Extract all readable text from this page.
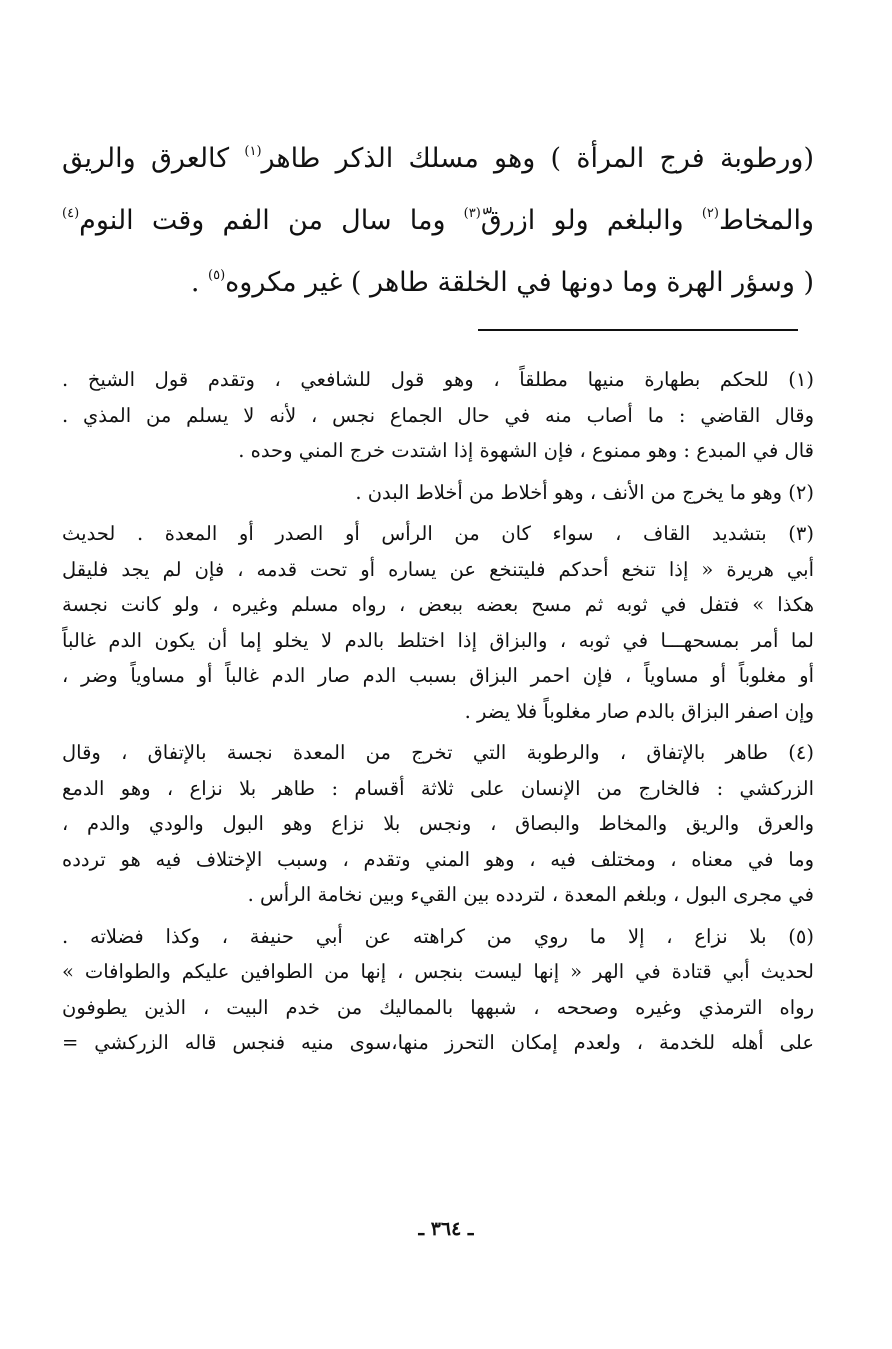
(ورطوبة فرج المرأة ) وهو مسلك الذكر طاهر$^{(١)}$ كالعرق والريق
والمخاط$^{(٢)}$ والبلغم ولو ازرقّ$^{(٣)}$ وما سال من الفم وقت النوم$^{(٤)}$
( وسؤر الهرة وما دونها في الخلقة طاهر ) غير مكروه$^{(٥)}$ .
(١) للحكم بطهارة منيها مطلقاً ، وهو قول للشافعي ، وتقدم قول الشيخ .
وقال القاضي : ما أصاب منه في حال الجماع نجس ، لأنه لا يسلم من المذي .
قال في المبدع : وهو ممنوع ، فإن الشهوة إذا اشتدت خرج المني وحده .
(٢) وهو ما يخرج من الأنف ، وهو أخلاط من أخلاط البدن .
(٣) بتشديد القاف ، سواء كان من الرأس أو الصدر أو المعدة . لحديث
أبي هريرة « إذا تنخع أحدكم فليتنخع عن يساره أو تحت قدمه ، فإن لم يجد فليقل
هكذا » فتفل في ثوبه ثم مسح بعضه ببعض ، رواه مسلم وغيره ، ولو كانت نجسة
لما أمر بمسحهـــا في ثوبه ، والبزاق إذا اختلط بالدم لا يخلو إما أن يكون الدم غالباً
أو مغلوباً أو مساوياً ، فإن احمر البزاق بسبب الدم صار الدم غالباً أو مساوياً وضر ،
وإن اصفر البزاق بالدم صار مغلوباً فلا يضر .
(٤) طاهر بالإتفاق ، والرطوبة التي تخرج من المعدة نجسة بالإتفاق ، وقال
الزركشي : فالخارج من الإنسان على ثلاثة أقسام : طاهر بلا نزاع ، وهو الدمع
والعرق والريق والمخاط والبصاق ، ونجس بلا نزاع وهو البول والودي والدم ،
وما في معناه ، ومختلف فيه ، وهو المني وتقدم ، وسبب الإختلاف فيه هو تردده
في مجرى البول ، وبلغم المعدة ، لتردده بين القيء وبين نخامة الرأس .
(٥) بلا نزاع ، إلا ما روي من كراهته عن أبي حنيفة ، وكذا فضلاته .
لحديث أبي قتادة في الهر « إنها ليست بنجس ، إنها من الطوافين عليكم والطوافات »
رواه الترمذي وغيره وصححه ، شبهها بالمماليك من خدم البيت ، الذين يطوفون
على أهله للخدمة ، ولعدم إمكان التحرز منها،سوى منيه فنجس قاله الزركشي =
ـ ٣٦٤ ـ
